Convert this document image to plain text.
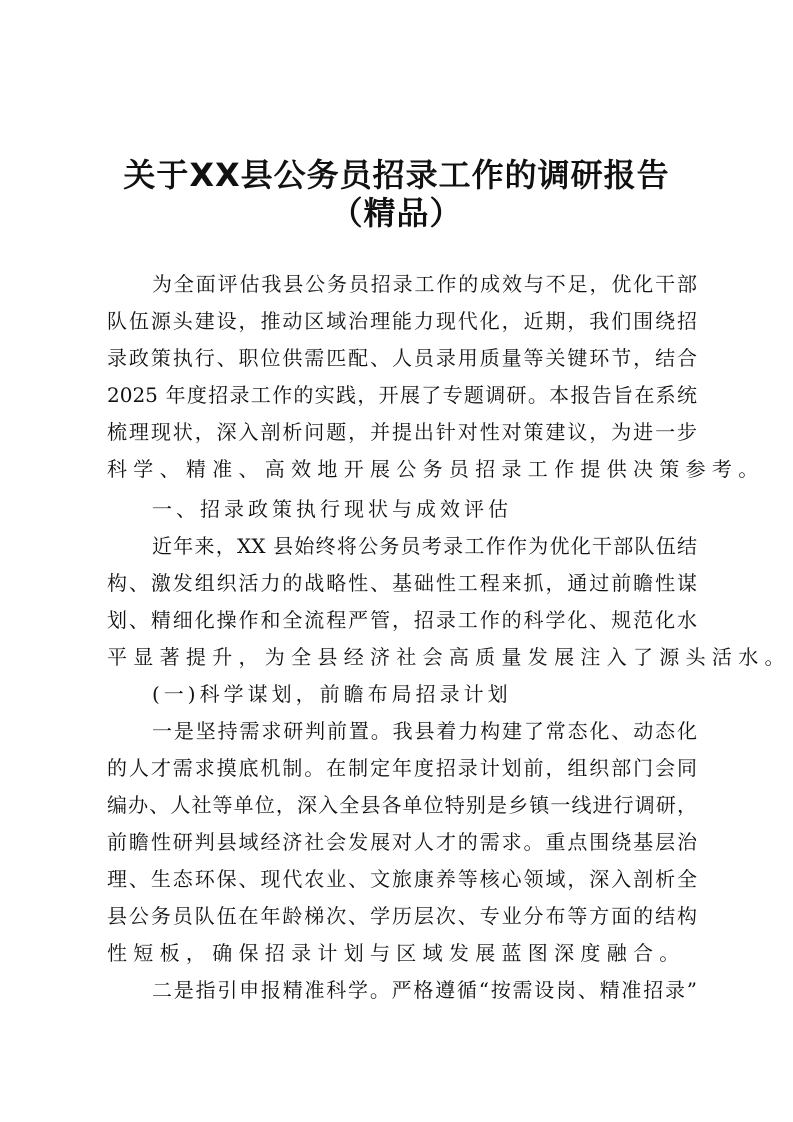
关于XX县公务员招录工作的调研报告
（精品）
为全面评估我县公务员招录工作的成效与不足，优化干部
队伍源头建设，推动区域治理能力现代化，近期，我们围绕招
录政策执行、职位供需匹配、人员录用质量等关键环节，结合
2025 年度招录工作的实践，开展了专题调研。本报告旨在系统
梳理现状，深入剖析问题，并提出针对性对策建议，为进一步
科学、精准、高效地开展公务员招录工作提供决策参考。
一、招录政策执行现状与成效评估
近年来，XX 县始终将公务员考录工作作为优化干部队伍结
构、激发组织活力的战略性、基础性工程来抓，通过前瞻性谋
划、精细化操作和全流程严管，招录工作的科学化、规范化水
平显著提升，为全县经济社会高质量发展注入了源头活水。
(一)科学谋划，前瞻布局招录计划
一是坚持需求研判前置。我县着力构建了常态化、动态化
的人才需求摸底机制。在制定年度招录计划前，组织部门会同
编办、人社等单位，深入全县各单位特别是乡镇一线进行调研，
前瞻性研判县域经济社会发展对人才的需求。重点围绕基层治
理、生态环保、现代农业、文旅康养等核心领域，深入剖析全
县公务员队伍在年龄梯次、学历层次、专业分布等方面的结构
性短板，确保招录计划与区域发展蓝图深度融合。
二是指引申报精准科学。严格遵循“按需设岗、精准招录”
